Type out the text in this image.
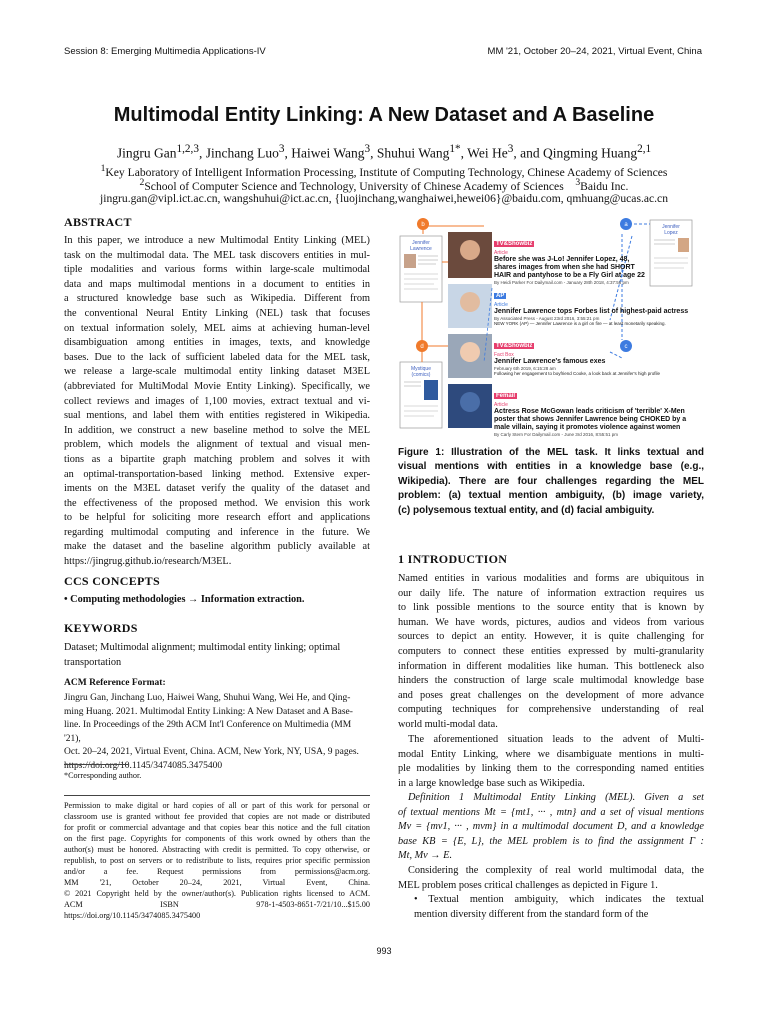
Session 8: Emerging Multimedia Applications-IV	MM '21, October 20–24, 2021, Virtual Event, China
Multimodal Entity Linking: A New Dataset and A Baseline
Jingru Gan$^{1,2,3}$, Jinchang Luo$^3$, Haiwei Wang$^3$, Shuhui Wang$^{1*}$, Wei He$^3$, and Qingming Huang$^{2,1}$
$^1$Key Laboratory of Intelligent Information Processing, Institute of Computing Technology, Chinese Academy of Sciences
$^2$School of Computer Science and Technology, University of Chinese Academy of Sciences    $^3$Baidu Inc.
jingru.gan@vipl.ict.ac.cn, wangshuhui@ict.ac.cn, {luojinchang,wanghaiwei,hewei06}@baidu.com, qmhuang@ucas.ac.cn
ABSTRACT
In this paper, we introduce a new Multimodal Entity Linking (MEL)
task on the multimodal data. The MEL task discovers entities in mul-
tiple modalities and various forms within large-scale multimodal
data and maps multimodal mentions in a document to entities in
a structured knowledge base such as Wikipedia. Different from
the conventional Neural Entity Linking (NEL) task that focuses
on textual information solely, MEL aims at achieving human-level
disambiguation among entities in images, texts, and knowledge
bases. Due to the lack of sufficient labeled data for the MEL task,
we release a large-scale multimodal entity linking dataset M3EL
(abbreviated for MultiModal Movie Entity Linking). Specifically, we
collect reviews and images of 1,100 movies, extract textual and vi-
sual mentions, and label them with entities registered in Wikipedia.
In addition, we construct a new baseline method to solve the MEL
problem, which models the alignment of textual and visual men-
tions as a bipartite graph matching problem and solves it with
an optimal-transportation-based linking method. Extensive exper-
iments on the M3EL dataset verify the quality of the dataset and
the effectiveness of the proposed method. We envision this work
to be helpful for soliciting more research effort and applications
regarding multimodal computing and inference in the future. We
make the dataset and the baseline algorithm publicly available at
https://jingrug.github.io/research/M3EL.
CCS CONCEPTS
• Computing methodologies → Information extraction.
KEYWORDS
Dataset; Multimodal alignment; multimodal entity linking; optimal
transportation
ACM Reference Format:
Jingru Gan, Jinchang Luo, Haiwei Wang, Shuhui Wang, Wei He, and Qing-
ming Huang. 2021. Multimodal Entity Linking: A New Dataset and A Base-
line. In Proceedings of the 29th ACM Int'l Conference on Multimedia (MM '21),
Oct. 20–24, 2021, Virtual Event, China. ACM, New York, NY, USA, 9 pages.
https://doi.org/10.1145/3474085.3475400
*Corresponding author.
Permission to make digital or hard copies of all or part of this work for personal or
classroom use is granted without fee provided that copies are not made or distributed
for profit or commercial advantage and that copies bear this notice and the full citation
on the first page. Copyrights for components of this work owned by others than the
author(s) must be honored. Abstracting with credit is permitted. To copy otherwise, or
republish, to post on servers or to redistribute to lists, requires prior specific permission
and/or a fee. Request permissions from permissions@acm.org.
MM '21, October 20–24, 2021, Virtual Event, China.
© 2021 Copyright held by the owner/author(s). Publication rights licensed to ACM.
ACM ISBN 978-1-4503-8651-7/21/10...$15.00
https://doi.org/10.1145/3474085.3475400
Jennifer
Lawrence
Jennifer
Lopez
Mystique
(comics)
b	a
c
d
TV&Showbiz
Article
Before she was J-Lo! Jennifer Lopez, 48, shares images from when she had SHORT HAIR and pantyhose to be a Fly Girl at age 22
By Heidi Parker For Dailymail.com - January 28th 2018, 4:37:56 pm
AP
Article
Jennifer Lawrence tops Forbes list of highest-paid actress
By Associated Press - August 23rd 2016, 3:55:21 pm
NEW YORK (AP) — Jennifer Lawrence is a girl on fire — at least monetarily speaking.
TV&Showbiz
Fact Box
Jennifer Lawrence's famous exes
February 6th 2019, 6:15:28 am
Following her engagement to boyfriend Cooke, a look back at Jennifer's high profile
Femail
Article
Actress Rose McGowan leads criticism of 'terrible' X-Men poster that shows Jennifer Lawrence being CHOKED by a male villain, saying it promotes violence against women
By Carly Stern For Dailymail.com - June 3rd 2016, 8:55:51 pm
Figure 1: Illustration of the MEL task. It links textual and
visual mentions with entities in a knowledge base (e.g.,
Wikipedia). There are four challenges regarding the MEL
problem: (a) textual mention ambiguity, (b) image variety,
(c) polysemous textual entity, and (d) facial ambiguity.
1 INTRODUCTION
Named entities in various modalities and forms are ubiquitous in
our daily life. The nature of information extraction requires us
to link possible mentions to the source entity that is known by
human. We have words, pictures, audios and videos from various
sources to depict an entity. However, it is quite challenging for
computers to connect these entities expressed by multi-granularity
information in different modalities like human. This bottleneck also
hinders the construction of large scale multimodal knowledge base
and poses great challenges on the development of more advance
computing techniques for comprehensive understanding of real
world multi-modal data.
The aforementioned situation leads to the advent of Multi-
modal Entity Linking, where we disambiguate mentions in multi-
ple modalities by linking them to the corresponding named entities
in a large knowledge base such as Wikipedia.
Definition 1 Multimodal Entity Linking (MEL). Given a set
of textual mentions Mt = {mt1, ··· , mtn} and a set of visual mentions
Mv = {mv1, ··· , mvm} in a multimodal document D, and a knowledge
base KB = {E, L}, the MEL problem is to find the assignment Γ :
Mt, Mv → E.
Considering the complexity of real world multimodal data, the
MEL problem poses critical challenges as depicted in Figure 1.
• Textual mention ambiguity, which indicates the textual
mention diversity different from the standard form of the
993
